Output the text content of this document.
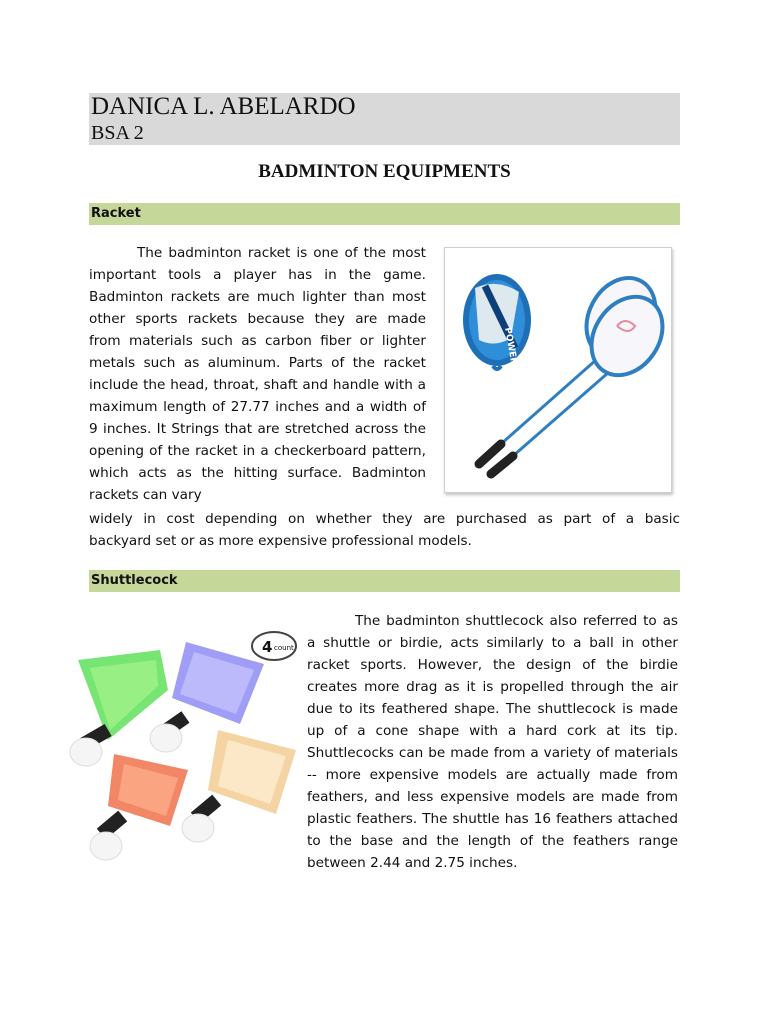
DANICA L. ABELARDO
BSA 2
BADMINTON EQUIPMENTS
Racket

The badminton racket is one of the most important tools a player has in the game. Badminton rackets are much lighter than most other sports rackets because they are made from materials such as carbon fiber or lighter metals such as aluminum. Parts of the racket include the head, throat, shaft and handle with a maximum length of 27.77 inches and a width of 9 inches. It Strings that are stretched across the opening of the racket in a checkerboard pattern, which acts as the hitting surface. Badminton rackets can vary

widely in cost depending on whether they are purchased as part of a basic

backyard set or as more expensive professional models.

POWER 668
Shuttlecock

The badminton shuttlecock also referred to as a shuttle or birdie, acts similarly to a ball in other racket sports. However, the design of the birdie creates more drag as it is propelled through the air due to its feathered shape. The shuttlecock is made up of a cone shape with a hard cork at its tip. Shuttlecocks can be made from a variety of materials -- more expensive models are actually made from feathers, and less expensive models are made from plastic feathers. The shuttle has 16 feathers attached to the base and the length of the feathers range between 2.44 and 2.75 inches.

4 count
